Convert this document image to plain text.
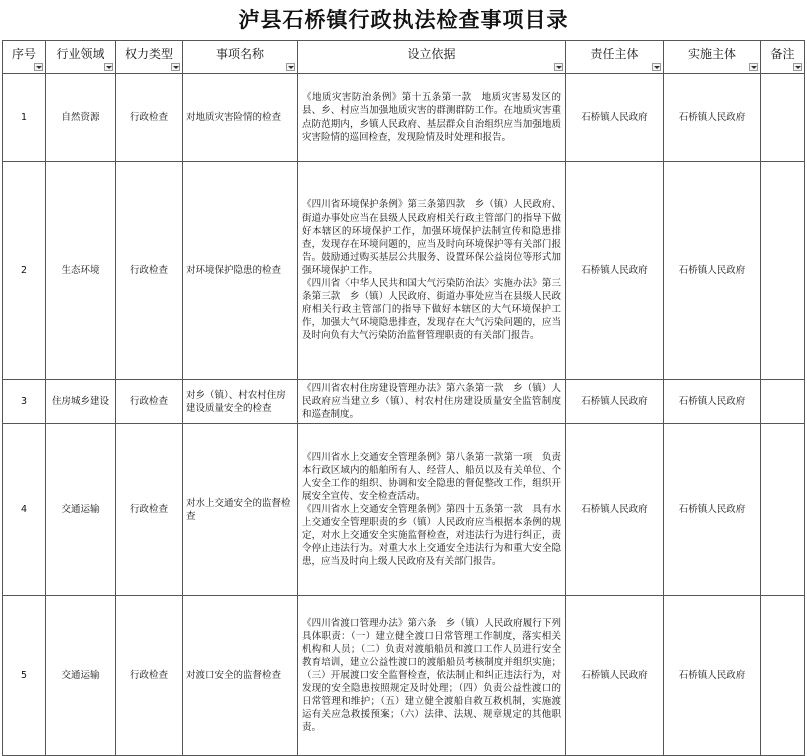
泸县石桥镇行政执法检查事项目录
序号	行业领域	权力类型	事项名称	设立依据	责任主体	实施主体	备注

1	自然资源	行政检查	对地质灾害险情的检查	《地质灾害防治条例》第十五条第一款　地质灾害易发区的县、乡、村应当加强地质灾害的群测群防工作。在地质灾害重点防范期内，乡镇人民政府、基层群众自治组织应当加强地质灾害险情的巡回检查，发现险情及时处理和报告。	石桥镇人民政府	石桥镇人民政府	
2	生态环境	行政检查	对环境保护隐患的检查	《四川省环境保护条例》第三条第四款　乡（镇）人民政府、街道办事处应当在县级人民政府相关行政主管部门的指导下做好本辖区的环境保护工作，加强环境保护法制宣传和隐患排查，发现存在环境问题的，应当及时向环境保护等有关部门报告。鼓励通过购买基层公共服务、设置环保公益岗位等形式加强环境保护工作。
《四川省〈中华人民共和国大气污染防治法〉实施办法》第三条第三款　乡（镇）人民政府、街道办事处应当在县级人民政府相关行政主管部门的指导下做好本辖区的大气环境保护工作，加强大气环境隐患排查，发现存在大气污染问题的，应当及时向负有大气污染防治监督管理职责的有关部门报告。	石桥镇人民政府	石桥镇人民政府	
3	住房城乡建设	行政检查	对乡（镇）、村农村住房建设质量安全的检查	《四川省农村住房建设管理办法》第六条第一款　乡（镇）人民政府应当建立乡（镇）、村农村住房建设质量安全监管制度和巡查制度。	石桥镇人民政府	石桥镇人民政府	
4	交通运输	行政检查	对水上交通安全的监督检查	《四川省水上交通安全管理条例》第八条第一款第一项　负责本行政区域内的船舶所有人、经营人、船员以及有关单位、个人安全工作的组织、协调和安全隐患的督促整改工作，组织开展安全宣传、安全检查活动。
《四川省水上交通安全管理条例》第四十五条第一款　具有水上交通安全管理职责的乡（镇）人民政府应当根据本条例的规定，对水上交通安全实施监督检查，对违法行为进行纠正，责令停止违法行为。对重大水上交通安全违法行为和重大安全隐患，应当及时向上级人民政府及有关部门报告。	石桥镇人民政府	石桥镇人民政府	
5	交通运输	行政检查	对渡口安全的监督检查	《四川省渡口管理办法》第六条　乡（镇）人民政府履行下列具体职责：（一）建立健全渡口日常管理工作制度，落实相关机构和人员；（二）负责对渡船船员和渡口工作人员进行安全教育培训，建立公益性渡口的渡船船员考核制度并组织实施；（三）开展渡口安全监督检查，依法制止和纠正违法行为，对发现的安全隐患按照规定及时处理；（四）负责公益性渡口的日常管理和维护；（五）建立健全渡船自救互救机制，实施渡运有关应急救援预案；（六）法律、法规、规章规定的其他职责。	石桥镇人民政府	石桥镇人民政府	
